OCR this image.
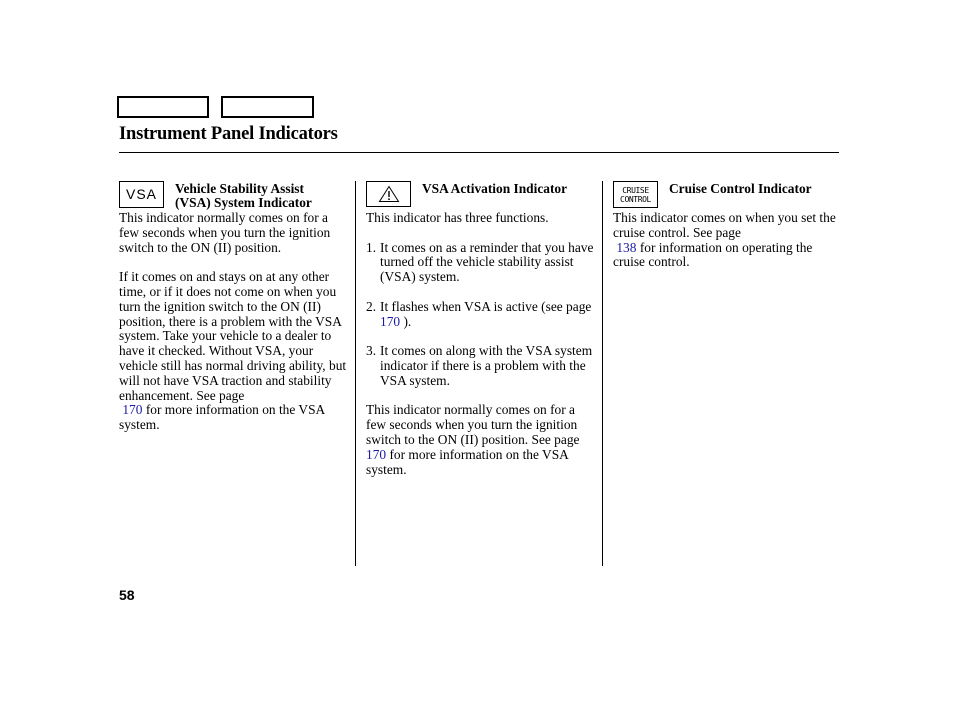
Instrument Panel Indicators
VSA	Vehicle Stability Assist
(VSA) System Indicator

This indicator normally comes on for a few seconds when you turn the ignition switch to the ON (II) position.

If it comes on and stays on at any other time, or if it does not come on when you turn the ignition switch to the ON (II) position, there is a problem with the VSA system. Take your vehicle to a dealer to have it checked. Without VSA, your vehicle still has normal driving ability, but will not have VSA traction and stability enhancement. See page
170 for more information on the VSA system.

VSA Activation Indicator

This indicator has three functions.

1. It comes on as a reminder that you have turned off the vehicle stability assist (VSA) system.
2. It flashes when VSA is active (see page 170 ).
3. It comes on along with the VSA system indicator if there is a problem with the VSA system.

This indicator normally comes on for a few seconds when you turn the ignition switch to the ON (II) position. See page 170 for more information on the VSA system.

CRUISE
CONTROL
Cruise Control Indicator

This indicator comes on when you set the cruise control. See page
138 for information on operating the cruise control.

58
